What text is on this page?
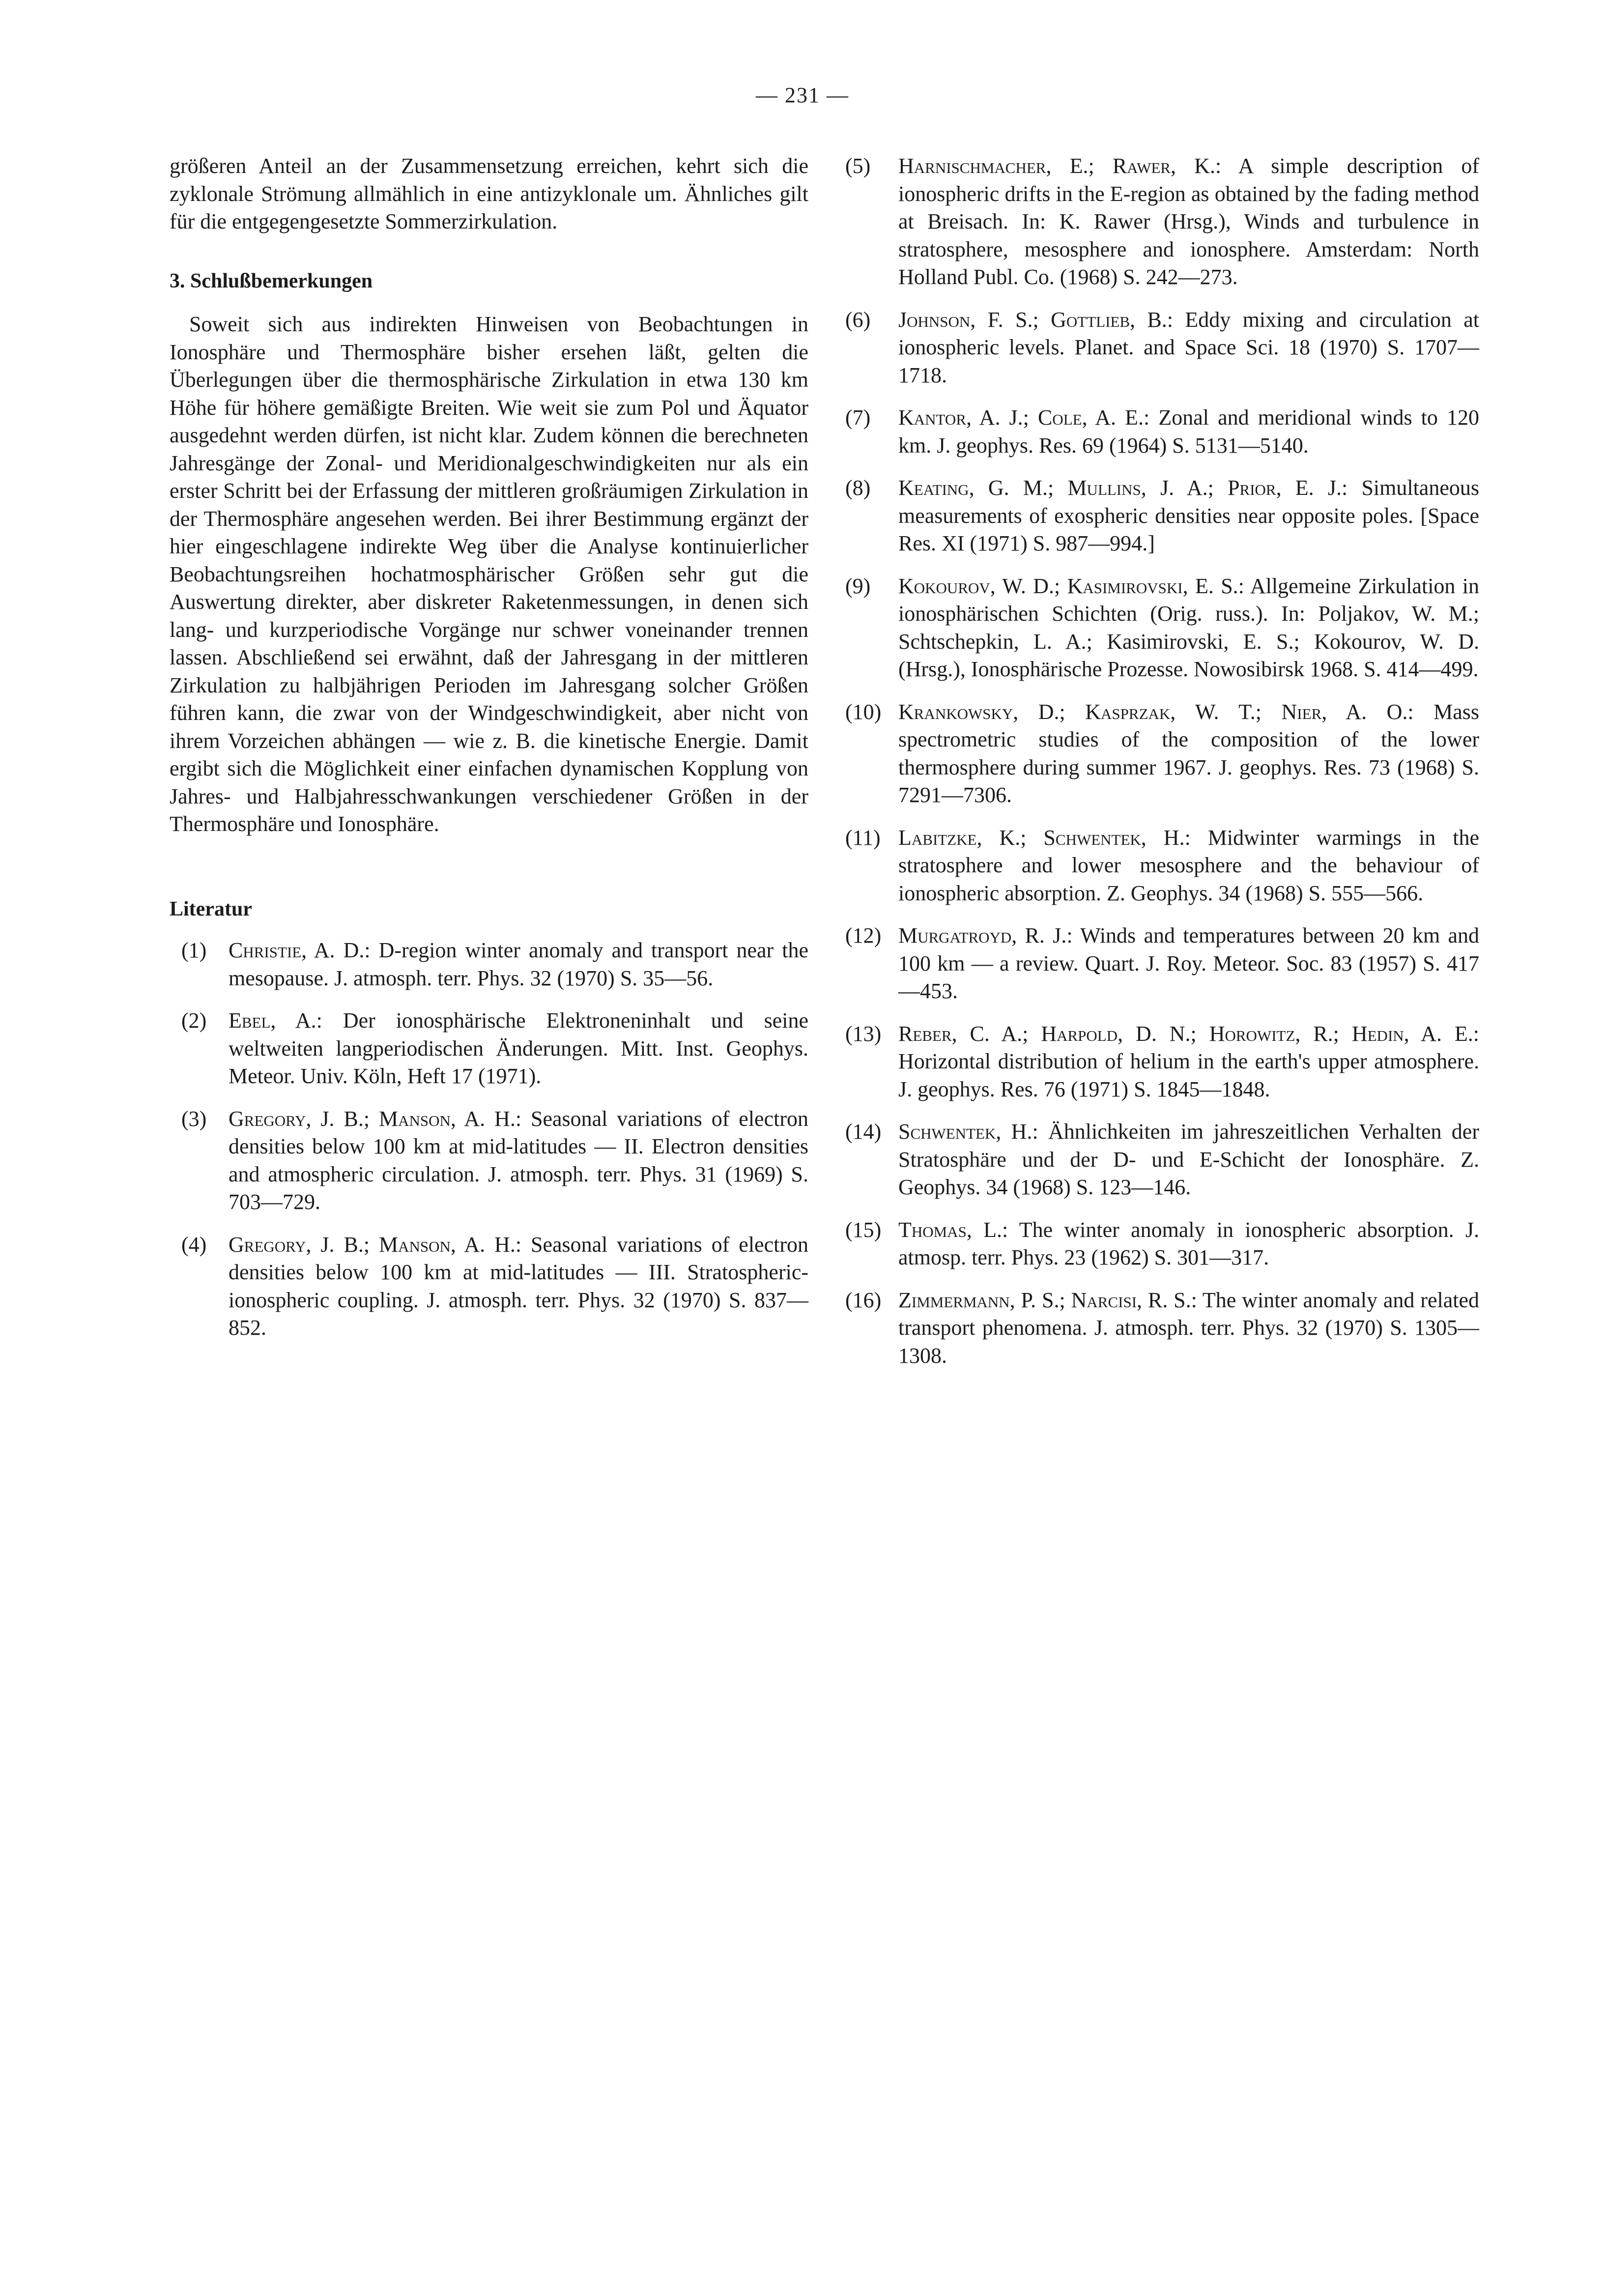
— 231 —

größeren Anteil an der Zusammensetzung erreichen, kehrt sich die zyklonale Strömung allmählich in eine antizyklonale um. Ähnliches gilt für die entgegengesetzte Sommerzirkulation.

3. Schlußbemerkungen

Soweit sich aus indirekten Hinweisen von Beobachtungen in Ionosphäre und Thermosphäre bisher ersehen läßt, gelten die Überlegungen über die thermosphärische Zirkulation in etwa 130 km Höhe für höhere gemäßigte Breiten. Wie weit sie zum Pol und Äquator ausgedehnt werden dürfen, ist nicht klar. Zudem können die berechneten Jahresgänge der Zonal- und Meridionalgeschwindigkeiten nur als ein erster Schritt bei der Erfassung der mittleren großräumigen Zirkulation in der Thermosphäre angesehen werden. Bei ihrer Bestimmung ergänzt der hier eingeschlagene indirekte Weg über die Analyse kontinuierlicher Beobachtungsreihen hochatmosphärischer Größen sehr gut die Auswertung direkter, aber diskreter Raketenmessungen, in denen sich lang- und kurzperiodische Vorgänge nur schwer voneinander trennen lassen. Abschließend sei erwähnt, daß der Jahresgang in der mittleren Zirkulation zu halbjährigen Perioden im Jahresgang solcher Größen führen kann, die zwar von der Windgeschwindigkeit, aber nicht von ihrem Vorzeichen abhängen — wie z. B. die kinetische Energie. Damit ergibt sich die Möglichkeit einer einfachen dynamischen Kopplung von Jahres- und Halbjahresschwankungen verschiedener Größen in der Thermosphäre und Ionosphäre.

Literatur

(1) Christie, A. D.: D-region winter anomaly and transport near the mesopause. J. atmosph. terr. Phys. 32 (1970) S. 35—56.
(2) Ebel, A.: Der ionosphärische Elektroneninhalt und seine weltweiten langperiodischen Änderungen. Mitt. Inst. Geophys. Meteor. Univ. Köln, Heft 17 (1971).
(3) Gregory, J. B.; Manson, A. H.: Seasonal variations of electron densities below 100 km at mid-latitudes — II. Electron densities and atmospheric circulation. J. atmosph. terr. Phys. 31 (1969) S. 703—729.
(4) Gregory, J. B.; Manson, A. H.: Seasonal variations of electron densities below 100 km at mid-latitudes — III. Stratospheric-ionospheric coupling. J. atmosph. terr. Phys. 32 (1970) S. 837—852.
(5) Harnischmacher, E.; Rawer, K.: A simple description of ionospheric drifts in the E-region as obtained by the fading method at Breisach. In: K. Rawer (Hrsg.), Winds and turbulence in stratosphere, mesosphere and ionosphere. Amsterdam: North Holland Publ. Co. (1968) S. 242—273.
(6) Johnson, F. S.; Gottlieb, B.: Eddy mixing and circulation at ionospheric levels. Planet. and Space Sci. 18 (1970) S. 1707—1718.
(7) Kantor, A. J.; Cole, A. E.: Zonal and meridional winds to 120 km. J. geophys. Res. 69 (1964) S. 5131—5140.
(8) Keating, G. M.; Mullins, J. A.; Prior, E. J.: Simultaneous measurements of exospheric densities near opposite poles. [Space Res. XI (1971) S. 987—994.]
(9) Kokourov, W. D.; Kasimirovski, E. S.: Allgemeine Zirkulation in ionosphärischen Schichten (Orig. russ.). In: Poljakov, W. M.; Schtschepkin, L. A.; Kasimirovski, E. S.; Kokourov, W. D. (Hrsg.), Ionosphärische Prozesse. Nowosibirsk 1968. S. 414—499.
(10) Krankowsky, D.; Kasprzak, W. T.; Nier, A. O.: Mass spectrometric studies of the composition of the lower thermosphere during summer 1967. J. geophys. Res. 73 (1968) S. 7291—7306.
(11) Labitzke, K.; Schwentek, H.: Midwinter warmings in the stratosphere and lower mesosphere and the behaviour of ionospheric absorption. Z. Geophys. 34 (1968) S. 555—566.
(12) Murgatroyd, R. J.: Winds and temperatures between 20 km and 100 km — a review. Quart. J. Roy. Meteor. Soc. 83 (1957) S. 417—453.
(13) Reber, C. A.; Harpold, D. N.; Horowitz, R.; Hedin, A. E.: Horizontal distribution of helium in the earth's upper atmosphere. J. geophys. Res. 76 (1971) S. 1845—1848.
(14) Schwentek, H.: Ähnlichkeiten im jahreszeitlichen Verhalten der Stratosphäre und der D- und E-Schicht der Ionosphäre. Z. Geophys. 34 (1968) S. 123—146.
(15) Thomas, L.: The winter anomaly in ionospheric absorption. J. atmosp. terr. Phys. 23 (1962) S. 301—317.
(16) Zimmermann, P. S.; Narcisi, R. S.: The winter anomaly and related transport phenomena. J. atmosph. terr. Phys. 32 (1970) S. 1305—1308.
